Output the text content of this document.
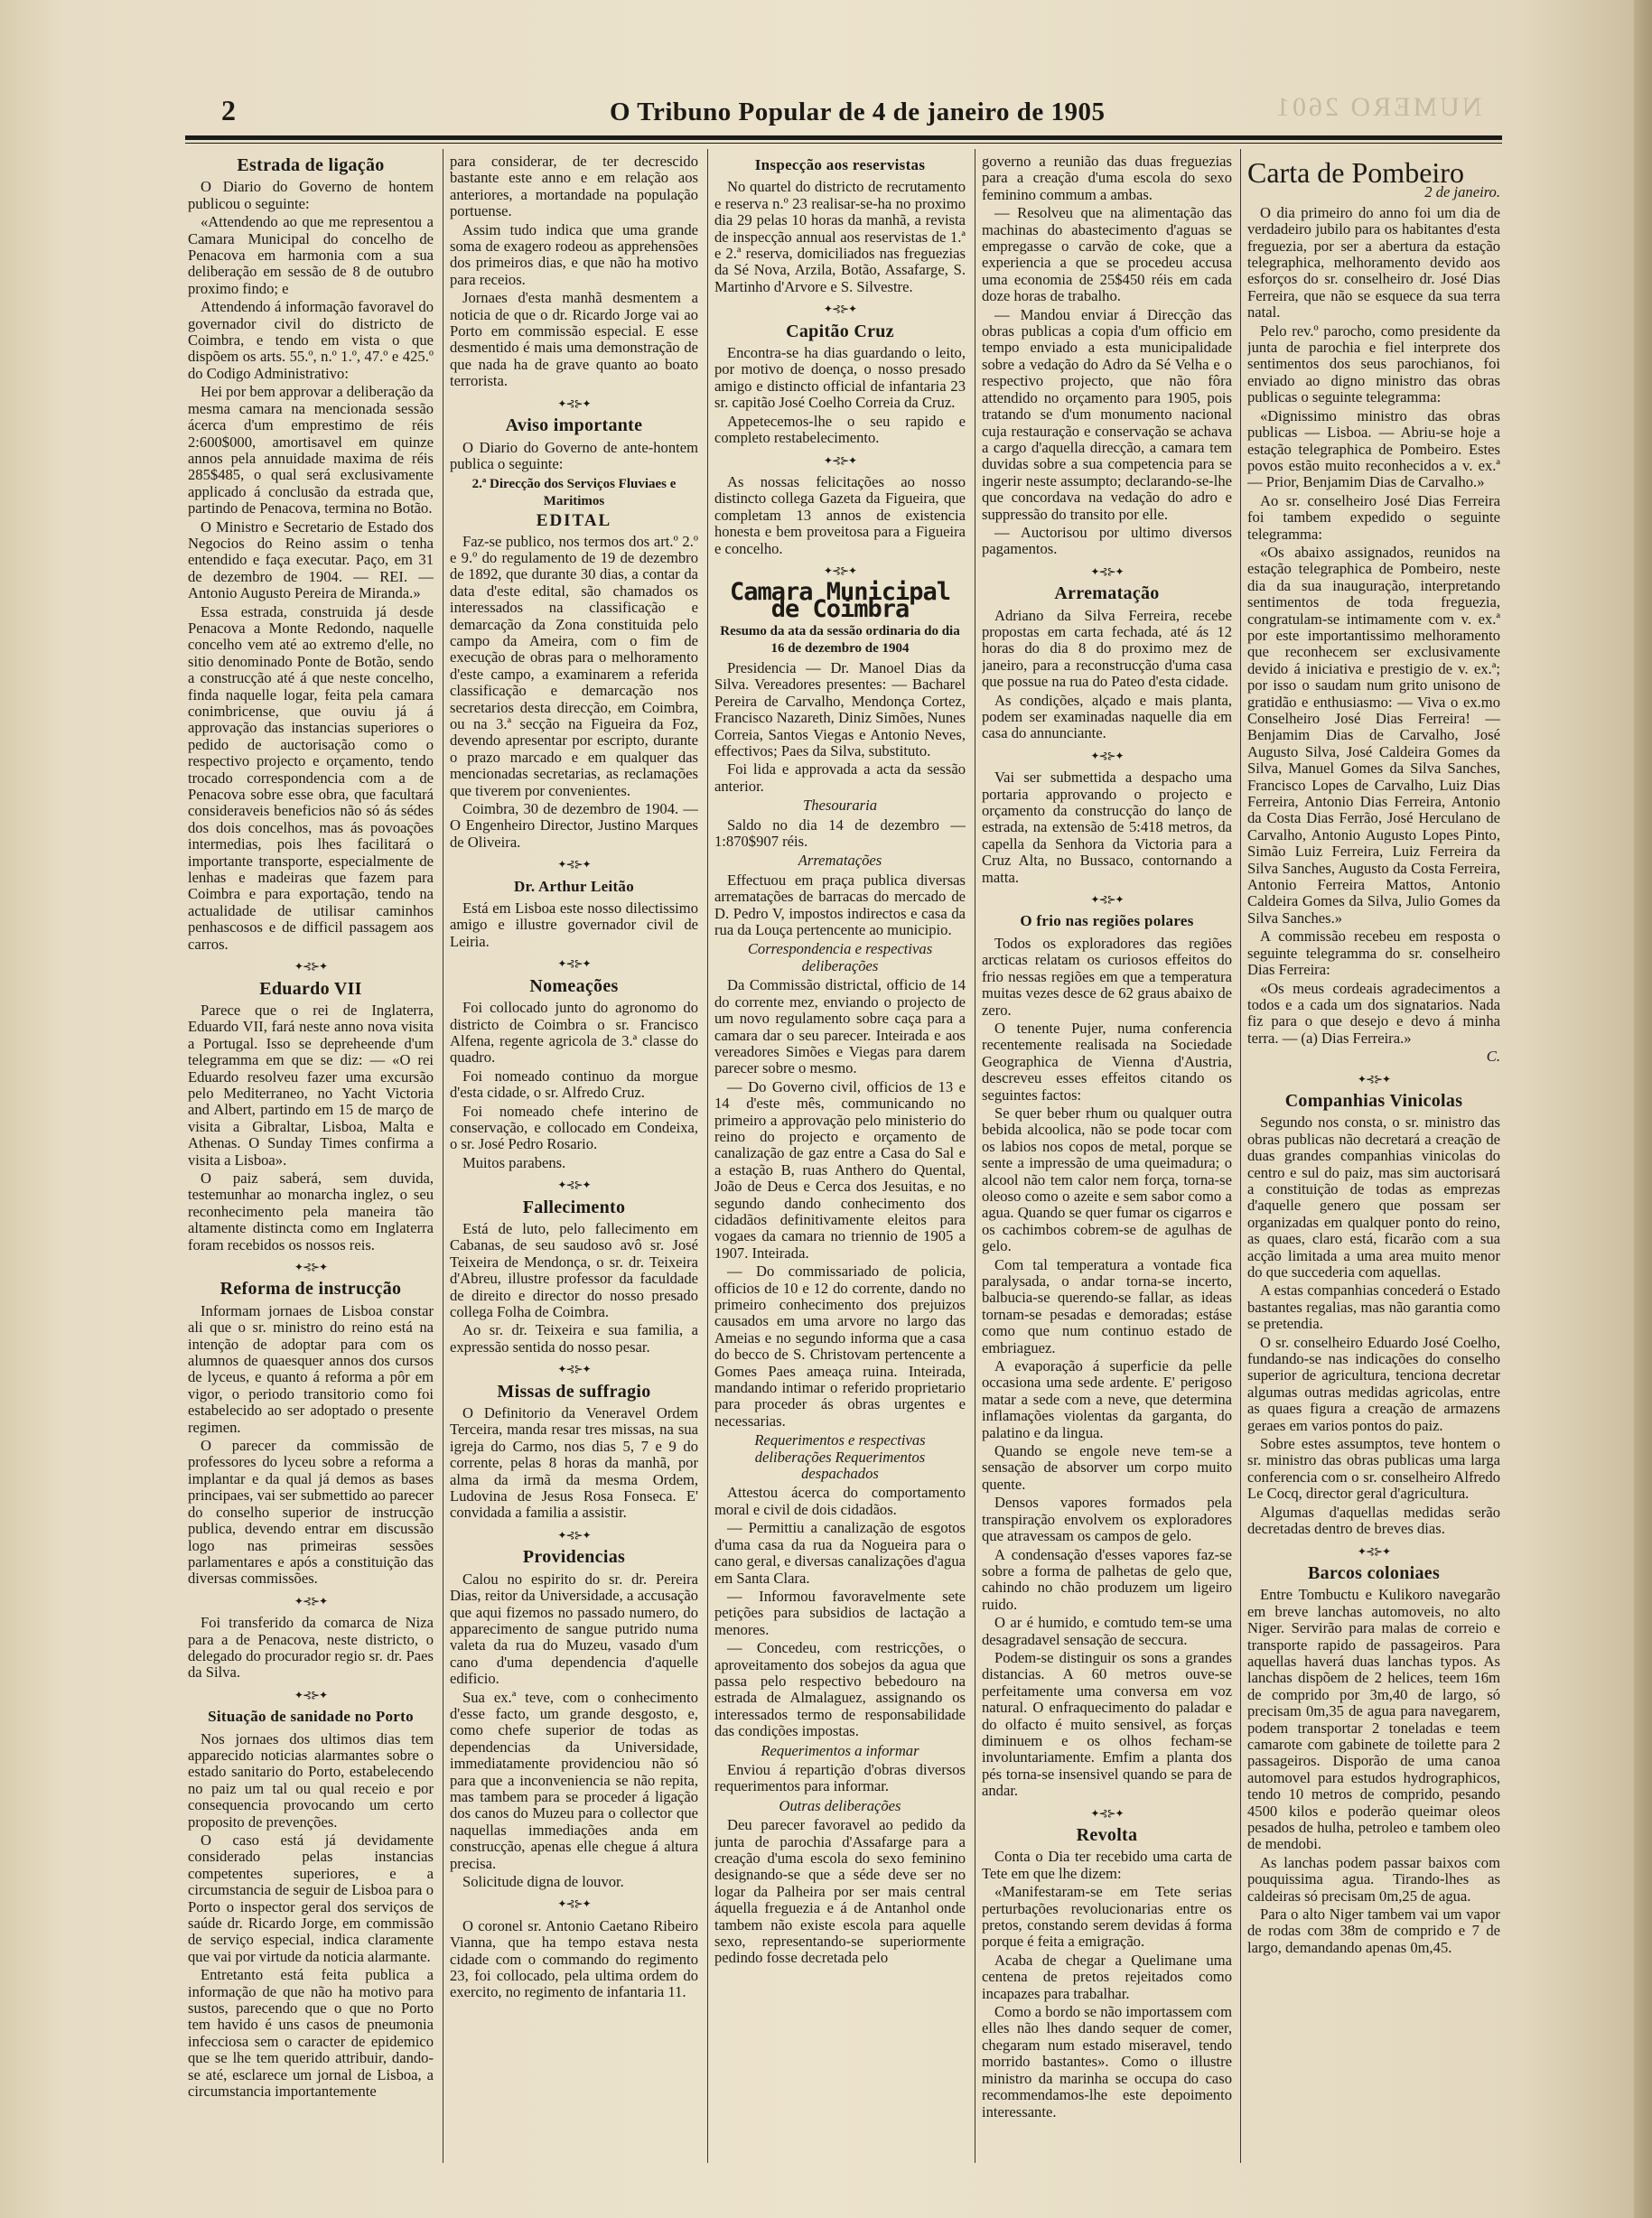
NUMERO 2601
2	O Tribuno Popular de 4 de janeiro de 1905
Estrada de ligação

O Diario do Governo de hontem publicou o seguinte:

«Attendendo ao que me representou a Camara Municipal do concelho de Penacova em harmonia com a sua deliberação em sessão de 8 de outubro proximo findo; e

Attendendo á informação favoravel do governador civil do districto de Coimbra, e tendo em vista o que dispõem os arts. 55.º, n.º 1.º, 47.º e 425.º do Codigo Administrativo:

Hei por bem approvar a deliberação da mesma camara na mencionada sessão ácerca d'um emprestimo de réis 2:600$000, amortisavel em quinze annos pela annuidade maxima de réis 285$485, o qual será exclusivamente applicado á conclusão da estrada que, partindo de Penacova, termina no Botão.

O Ministro e Secretario de Estado dos Negocios do Reino assim o tenha entendido e faça executar. Paço, em 31 de dezembro de 1904. — REI. — Antonio Augusto Pereira de Miranda.»

Essa estrada, construida já desde Penacova a Monte Redondo, naquelle concelho vem até ao extremo d'elle, no sitio denominado Ponte de Botão, sendo a construcção até á que neste concelho, finda naquelle logar, feita pela camara conimbricense, que ouviu já á approvação das instancias superiores o pedido de auctorisação como o respectivo projecto e orçamento, tendo trocado correspondencia com a de Penacova sobre esse obra, que facultará consideraveis beneficios não só ás sédes dos dois concelhos, mas ás povoações intermedias, pois lhes facilitará o importante transporte, especialmente de lenhas e madeiras que fazem para Coimbra e para exportação, tendo na actualidade de utilisar caminhos penhascosos e de difficil passagem aos carros.

✦⊰⊱✦
Eduardo VII

Parece que o rei de Inglaterra, Eduardo VII, fará neste anno nova visita a Portugal. Isso se depreheende d'um telegramma em que se diz: — «O rei Eduardo resolveu fazer uma excursão pelo Mediterraneo, no Yacht Victoria and Albert, partindo em 15 de março de visita a Gibraltar, Lisboa, Malta e Athenas. O Sunday Times confirma a visita a Lisboa».

O paiz saberá, sem duvida, testemunhar ao monarcha inglez, o seu reconhecimento pela maneira tão altamente distincta como em Inglaterra foram recebidos os nossos reis.

✦⊰⊱✦
Reforma de instrucção

Informam jornaes de Lisboa constar ali que o sr. ministro do reino está na intenção de adoptar para com os alumnos de quaesquer annos dos cursos de lyceus, e quanto á reforma a pôr em vigor, o periodo transitorio como foi estabelecido ao ser adoptado o presente regimen.

O parecer da commissão de professores do lyceu sobre a reforma a implantar e da qual já demos as bases principaes, vai ser submettido ao parecer do conselho superior de instrucção publica, devendo entrar em discussão logo nas primeiras sessões parlamentares e após a constituição das diversas commissões.

✦⊰⊱✦

Foi transferido da comarca de Niza para a de Penacova, neste districto, o delegado do procurador regio sr. dr. Paes da Silva.

✦⊰⊱✦
Situação de sanidade no Porto

Nos jornaes dos ultimos dias tem apparecido noticias alarmantes sobre o estado sanitario do Porto, estabelecendo no paiz um tal ou qual receio e por consequencia provocando um certo proposito de prevenções.

O caso está já devidamente considerado pelas instancias competentes superiores, e a circumstancia de seguir de Lisboa para o Porto o inspector geral dos serviços de saúde dr. Ricardo Jorge, em commissão de serviço especial, indica claramente que vai por virtude da noticia alarmante.

Entretanto está feita publica a informação de que não ha motivo para sustos, parecendo que o que no Porto tem havido é uns casos de pneumonia infecciosa sem o caracter de epidemico que se lhe tem querido attribuir, dando-se até, esclarece um jornal de Lisboa, a circumstancia importantemente

para considerar, de ter decrescido bastante este anno e em relação aos anteriores, a mortandade na população portuense.

Assim tudo indica que uma grande soma de exagero rodeou as apprehensões dos primeiros dias, e que não ha motivo para receios.

Jornaes d'esta manhã desmentem a noticia de que o dr. Ricardo Jorge vai ao Porto em commissão especial. E esse desmentido é mais uma demonstração de que nada ha de grave quanto ao boato terrorista.

✦⊰⊱✦
Aviso importante

O Diario do Governo de ante-hontem publica o seguinte:

2.ª Direcção dos Serviços Fluviaes e Maritimos
EDITAL

Faz-se publico, nos termos dos art.º 2.º e 9.º do regulamento de 19 de dezembro de 1892, que durante 30 dias, a contar da data d'este edital, são chamados os interessados na classificação e demarcação da Zona constituida pelo campo da Ameira, com o fim de execução de obras para o melhoramento d'este campo, a examinarem a referida classificação e demarcação nos secretarios desta direcção, em Coimbra, ou na 3.ª secção na Figueira da Foz, devendo apresentar por escripto, durante o prazo marcado e em qualquer das mencionadas secretarias, as reclamações que tiverem por convenientes.

Coimbra, 30 de dezembro de 1904. — O Engenheiro Director, Justino Marques de Oliveira.

✦⊰⊱✦
Dr. Arthur Leitão

Está em Lisboa este nosso dilectissimo amigo e illustre governador civil de Leiria.

✦⊰⊱✦
Nomeações

Foi collocado junto do agronomo do districto de Coimbra o sr. Francisco Alfena, regente agricola de 3.ª classe do quadro.

Foi nomeado continuo da morgue d'esta cidade, o sr. Alfredo Cruz.

Foi nomeado chefe interino de conservação, e collocado em Condeixa, o sr. José Pedro Rosario.

Muitos parabens.

✦⊰⊱✦
Fallecimento

Está de luto, pelo fallecimento em Cabanas, de seu saudoso avô sr. José Teixeira de Mendonça, o sr. dr. Teixeira d'Abreu, illustre professor da faculdade de direito e director do nosso presado collega Folha de Coimbra.

Ao sr. dr. Teixeira e sua familia, a expressão sentida do nosso pesar.

✦⊰⊱✦
Missas de suffragio

O Definitorio da Veneravel Ordem Terceira, manda resar tres missas, na sua igreja do Carmo, nos dias 5, 7 e 9 do corrente, pelas 8 horas da manhã, por alma da irmã da mesma Ordem, Ludovina de Jesus Rosa Fonseca. E' convidada a familia a assistir.

✦⊰⊱✦
Providencias

Calou no espirito do sr. dr. Pereira Dias, reitor da Universidade, a accusação que aqui fizemos no passado numero, do apparecimento de sangue putrido numa valeta da rua do Muzeu, vasado d'um cano d'uma dependencia d'aquelle edificio.

Sua ex.ª teve, com o conhecimento d'esse facto, um grande desgosto, e, como chefe superior de todas as dependencias da Universidade, immediatamente providenciou não só para que a inconveniencia se não repita, mas tambem para se proceder á ligação dos canos do Muzeu para o collector que naquellas immediações anda em construcção, apenas elle chegue á altura precisa.

Solicitude digna de louvor.

✦⊰⊱✦

O coronel sr. Antonio Caetano Ribeiro Vianna, que ha tempo estava nesta cidade com o commando do regimento 23, foi collocado, pela ultima ordem do exercito, no regimento de infantaria 11.

Inspecção aos reservistas

No quartel do districto de recrutamento e reserva n.º 23 realisar-se-ha no proximo dia 29 pelas 10 horas da manhã, a revista de inspecção annual aos reservistas de 1.ª e 2.ª reserva, domiciliados nas freguezias da Sé Nova, Arzila, Botão, Assafarge, S. Martinho d'Arvore e S. Silvestre.

✦⊰⊱✦
Capitão Cruz

Encontra-se ha dias guardando o leito, por motivo de doença, o nosso presado amigo e distincto official de infantaria 23 sr. capitão José Coelho Correia da Cruz.

Appetecemos-lhe o seu rapido e completo restabelecimento.

✦⊰⊱✦

As nossas felicitações ao nosso distincto collega Gazeta da Figueira, que completam 13 annos de existencia honesta e bem proveitosa para a Figueira e concelho.

✦⊰⊱✦
Camara Municipal de Coimbra
Resumo da ata da sessão ordinaria do dia 16 de dezembro de 1904

Presidencia — Dr. Manoel Dias da Silva. Vereadores presentes: — Bacharel Pereira de Carvalho, Mendonça Cortez, Francisco Nazareth, Diniz Simões, Nunes Correia, Santos Viegas e Antonio Neves, effectivos; Paes da Silva, substituto.

Foi lida e approvada a acta da sessão anterior.

Thesouraria

Saldo no dia 14 de dezembro — 1:870$907 réis.

Arrematações

Effectuou em praça publica diversas arrematações de barracas do mercado de D. Pedro V, impostos indirectos e casa da rua da Louça pertencente ao municipio.

Correspondencia e respectivas deliberações

Da Commissão districtal, officio de 14 do corrente mez, enviando o projecto de um novo regulamento sobre caça para a camara dar o seu parecer. Inteirada e aos vereadores Simões e Viegas para darem parecer sobre o mesmo.

— Do Governo civil, officios de 13 e 14 d'este mês, communicando no primeiro a approvação pelo ministerio do reino do projecto e orçamento de canalização de gaz entre a Casa do Sal e a estação B, ruas Anthero do Quental, João de Deus e Cerca dos Jesuitas, e no segundo dando conhecimento dos cidadãos definitivamente eleitos para vogaes da camara no triennio de 1905 a 1907. Inteirada.

— Do commissariado de policia, officios de 10 e 12 do corrente, dando no primeiro conhecimento dos prejuizos causados em uma arvore no largo das Ameias e no segundo informa que a casa do becco de S. Christovam pertencente a Gomes Paes ameaça ruina. Inteirada, mandando intimar o referido proprietario para proceder ás obras urgentes e necessarias.

Requerimentos e respectivas deliberações Requerimentos despachados

Attestou ácerca do comportamento moral e civil de dois cidadãos.

— Permittiu a canalização de esgotos d'uma casa da rua da Nogueira para o cano geral, e diversas canalizações d'agua em Santa Clara.

— Informou favoravelmente sete petições para subsidios de lactação a menores.

— Concedeu, com restricções, o aproveitamento dos sobejos da agua que passa pelo respectivo bebedouro na estrada de Almalaguez, assignando os interessados termo de responsabilidade das condições impostas.

Requerimentos a informar

Enviou á repartição d'obras diversos requerimentos para informar.

Outras deliberações

Deu parecer favoravel ao pedido da junta de parochia d'Assafarge para a creação d'uma escola do sexo feminino designando-se que a séde deve ser no logar da Palheira por ser mais central áquella freguezia e á de Antanhol onde tambem não existe escola para aquelle sexo, representando-se superiormente pedindo fosse decretada pelo

governo a reunião das duas freguezias para a creação d'uma escola do sexo feminino commum a ambas.

— Resolveu que na alimentação das machinas do abastecimento d'aguas se empregasse o carvão de coke, que a experiencia a que se procedeu accusa uma economia de 25$450 réis em cada doze horas de trabalho.

— Mandou enviar á Direcção das obras publicas a copia d'um officio em tempo enviado a esta municipalidade sobre a vedação do Adro da Sé Velha e o respectivo projecto, que não fôra attendido no orçamento para 1905, pois tratando se d'um monumento nacional cuja restauração e conservação se achava a cargo d'aquella direcção, a camara tem duvidas sobre a sua competencia para se ingerir neste assumpto; declarando-se-lhe que concordava na vedação do adro e suppressão do transito por elle.

— Auctorisou por ultimo diversos pagamentos.

✦⊰⊱✦
Arrematação

Adriano da Silva Ferreira, recebe propostas em carta fechada, até ás 12 horas do dia 8 do proximo mez de janeiro, para a reconstrucção d'uma casa que possue na rua do Pateo d'esta cidade.

As condições, alçado e mais planta, podem ser examinadas naquelle dia em casa do annunciante.

✦⊰⊱✦

Vai ser submettida a despacho uma portaria approvando o projecto e orçamento da construcção do lanço de estrada, na extensão de 5:418 metros, da capella da Senhora da Victoria para a Cruz Alta, no Bussaco, contornando a matta.

✦⊰⊱✦
O frio nas regiões polares

Todos os exploradores das regiões arcticas relatam os curiosos effeitos do frio nessas regiões em que a temperatura muitas vezes desce de 62 graus abaixo de zero.

O tenente Pujer, numa conferencia recentemente realisada na Sociedade Geographica de Vienna d'Austria, descreveu esses effeitos citando os seguintes factos:

Se quer beber rhum ou qualquer outra bebida alcoolica, não se pode tocar com os labios nos copos de metal, porque se sente a impressão de uma queimadura; o alcool não tem calor nem força, torna-se oleoso como o azeite e sem sabor como a agua. Quando se quer fumar os cigarros e os cachimbos cobrem-se de agulhas de gelo.

Com tal temperatura a vontade fica paralysada, o andar torna-se incerto, balbucia-se querendo-se fallar, as ideas tornam-se pesadas e demoradas; estáse como que num continuo estado de embriaguez.

A evaporação á superficie da pelle occasiona uma sede ardente. E' perigoso matar a sede com a neve, que determina inflamações violentas da garganta, do palatino e da lingua.

Quando se engole neve tem-se a sensação de absorver um corpo muito quente.

Densos vapores formados pela transpiração envolvem os exploradores que atravessam os campos de gelo.

A condensação d'esses vapores faz-se sobre a forma de palhetas de gelo que, cahindo no chão produzem um ligeiro ruido.

O ar é humido, e comtudo tem-se uma desagradavel sensação de seccura.

Podem-se distinguir os sons a grandes distancias. A 60 metros ouve-se perfeitamente uma conversa em voz natural. O enfraquecimento do paladar e do olfacto é muito sensivel, as forças diminuem e os olhos fecham-se involuntariamente. Emfim a planta dos pés torna-se insensivel quando se para de andar.

✦⊰⊱✦
Revolta

Conta o Dia ter recebido uma carta de Tete em que lhe dizem:

«Manifestaram-se em Tete serias perturbações revolucionarias entre os pretos, constando serem devidas á forma porque é feita a emigração.

Acaba de chegar a Quelimane uma centena de pretos rejeitados como incapazes para trabalhar.

Como a bordo se não importassem com elles não lhes dando sequer de comer, chegaram num estado miseravel, tendo morrido bastantes». Como o illustre ministro da marinha se occupa do caso recommendamos-lhe este depoimento interessante.

Carta de Pombeiro
2 de janeiro.

O dia primeiro do anno foi um dia de verdadeiro jubilo para os habitantes d'esta freguezia, por ser a abertura da estação telegraphica, melhoramento devido aos esforços do sr. conselheiro dr. José Dias Ferreira, que não se esquece da sua terra natal.

Pelo rev.º parocho, como presidente da junta de parochia e fiel interprete dos sentimentos dos seus parochianos, foi enviado ao digno ministro das obras publicas o seguinte telegramma:

«Dignissimo ministro das obras publicas — Lisboa. — Abriu-se hoje a estação telegraphica de Pombeiro. Estes povos estão muito reconhecidos a v. ex.ª — Prior, Benjamim Dias de Carvalho.»

Ao sr. conselheiro José Dias Ferreira foi tambem expedido o seguinte telegramma:

«Os abaixo assignados, reunidos na estação telegraphica de Pombeiro, neste dia da sua inauguração, interpretando sentimentos de toda freguezia, congratulam-se intimamente com v. ex.ª por este importantissimo melhoramento que reconhecem ser exclusivamente devido á iniciativa e prestigio de v. ex.ª; por isso o saudam num grito unisono de gratidão e enthusiasmo: — Viva o ex.mo Conselheiro José Dias Ferreira! — Benjamim Dias de Carvalho, José Augusto Silva, José Caldeira Gomes da Silva, Manuel Gomes da Silva Sanches, Francisco Lopes de Carvalho, Luiz Dias Ferreira, Antonio Dias Ferreira, Antonio da Costa Dias Ferrão, José Herculano de Carvalho, Antonio Augusto Lopes Pinto, Simão Luiz Ferreira, Luiz Ferreira da Silva Sanches, Augusto da Costa Ferreira, Antonio Ferreira Mattos, Antonio Caldeira Gomes da Silva, Julio Gomes da Silva Sanches.»

A commissão recebeu em resposta o seguinte telegramma do sr. conselheiro Dias Ferreira:

«Os meus cordeais agradecimentos a todos e a cada um dos signatarios. Nada fiz para o que desejo e devo á minha terra. — (a) Dias Ferreira.»

C.
✦⊰⊱✦
Companhias Vinicolas

Segundo nos consta, o sr. ministro das obras publicas não decretará a creação de duas grandes companhias vinicolas do centro e sul do paiz, mas sim auctorisará a constituição de todas as emprezas d'aquelle genero que possam ser organizadas em qualquer ponto do reino, as quaes, claro está, ficarão com a sua acção limitada a uma area muito menor do que succederia com aquellas.

A estas companhias concederá o Estado bastantes regalias, mas não garantia como se pretendia.

O sr. conselheiro Eduardo José Coelho, fundando-se nas indicações do conselho superior de agricultura, tenciona decretar algumas outras medidas agricolas, entre as quaes figura a creação de armazens geraes em varios pontos do paiz.

Sobre estes assumptos, teve hontem o sr. ministro das obras publicas uma larga conferencia com o sr. conselheiro Alfredo Le Cocq, director geral d'agricultura.

Algumas d'aquellas medidas serão decretadas dentro de breves dias.

✦⊰⊱✦
Barcos coloniaes

Entre Tombuctu e Kulikoro navegarão em breve lanchas automoveis, no alto Niger. Servirão para malas de correio e transporte rapido de passageiros. Para aquellas haverá duas lanchas typos. As lanchas dispõem de 2 helices, teem 16m de comprido por 3m,40 de largo, só precisam 0m,35 de agua para navegarem, podem transportar 2 toneladas e teem camarote com gabinete de toilette para 2 passageiros. Disporão de uma canoa automovel para estudos hydrographicos, tendo 10 metros de comprido, pesando 4500 kilos e poderão queimar oleos pesados de hulha, petroleo e tambem oleo de mendobi.

As lanchas podem passar baixos com pouquissima agua. Tirando-lhes as caldeiras só precisam 0m,25 de agua.

Para o alto Niger tambem vai um vapor de rodas com 38m de comprido e 7 de largo, demandando apenas 0m,45.
